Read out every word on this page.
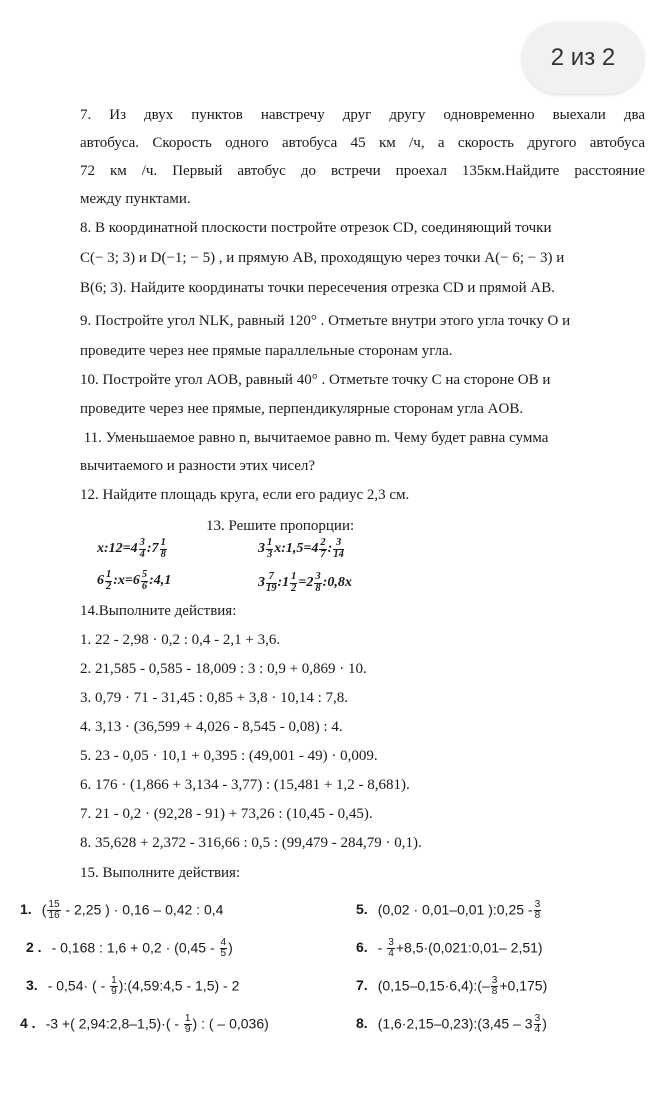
2 из 2
7. Из двух пунктов навстречу друг другу одновременно выехали два
автобуса. Скорость одного автобуса 45 км /ч, а скорость другого автобуса
72 км /ч. Первый автобус до встречи проехал 135км.Найдите расстояние
между пунктами.
8. В координатной плоскости постройте отрезок CD, соединяющий точки
C(− 3; 3) и D(−1; − 5) , и прямую AB, проходящую через точки A(− 6; − 3) и
B(6; 3). Найдите координаты точки пересечения отрезка CD и прямой AB.
9. Постройте угол NLK, равный 120° . Отметьте внутри этого угла точку О и
проведите через нее прямые параллельные сторонам угла.
10. Постройте угол AOB, равный 40° . Отметьте точку C на стороне OB и
проведите через нее прямые, перпендикулярные сторонам угла AOB.
11. Уменьшаемое равно n, вычитаемое равно m. Чему будет равна сумма
вычитаемого и разности этих чисел?
12. Найдите площадь круга, если его радиус 2,3 см.
13. Решите пропорции:
x:12=4 $\frac{3}{4}$ :7 $\frac{1}{8}$	$3 \frac{1}{3}$ x:1,5=4 $\frac{2}{7}$ : $\frac{3}{14}$
$6 \frac{1}{2}$ :x=6 $\frac{5}{6}$ :4,1	$3 \frac{7}{19}$ :1 $\frac{1}{2} =2 \frac{3}{8}$ :0,8x
14.Выполните действия:
1. 22 - 2,98 · 0,2 : 0,4 - 2,1 + 3,6.
2. 21,585 - 0,585 - 18,009 : 3 : 0,9 + 0,869 · 10.
3. 0,79 · 71 - 31,45 : 0,85 + 3,8 · 10,14 : 7,8.
4. 3,13 · (36,599 + 4,026 - 8,545 - 0,08) : 4.
5. 23 - 0,05 · 10,1 + 0,395 : (49,001 - 49) · 0,009.
6. 176 · (1,866 + 3,134 - 3,77) : (15,481 + 1,2 - 8,681).
7. 21 - 0,2 · (92,28 - 91) + 73,26 : (10,45 - 0,45).
8. 35,628 + 2,372 - 316,66 : 0,5 : (99,479 - 284,79 · 0,1).
15. Выполните действия:
1. ( $\frac{15}{16} - 2,25$ ) · 0,16 – 0,42 : 0,4
2 . - 0,168 : $1,6 + 0,2 \cdot (0,45 - \frac{4}{5}$ )
3. - 0,54· ( - $\frac{1}{9}$ ):(4,59:4,5 - 1,5) - 2
4 . -3 +( 2,94:2,8–1,5)·( - $\frac{1}{9}$ ) : ( – 0,036)
5. (0,02 · 0,01–0,01 ):0,25 - $\frac{3}{8}$
6. - $\frac{3}{4}$ +8,5·(0,021:0,01– 2,51)
7. (0,15–0,15·6,4):(– $\frac{3}{8} +0,175$)
8. (1,6·2,15–0,23):(3,45 – $3 \frac{3}{4}$ )
